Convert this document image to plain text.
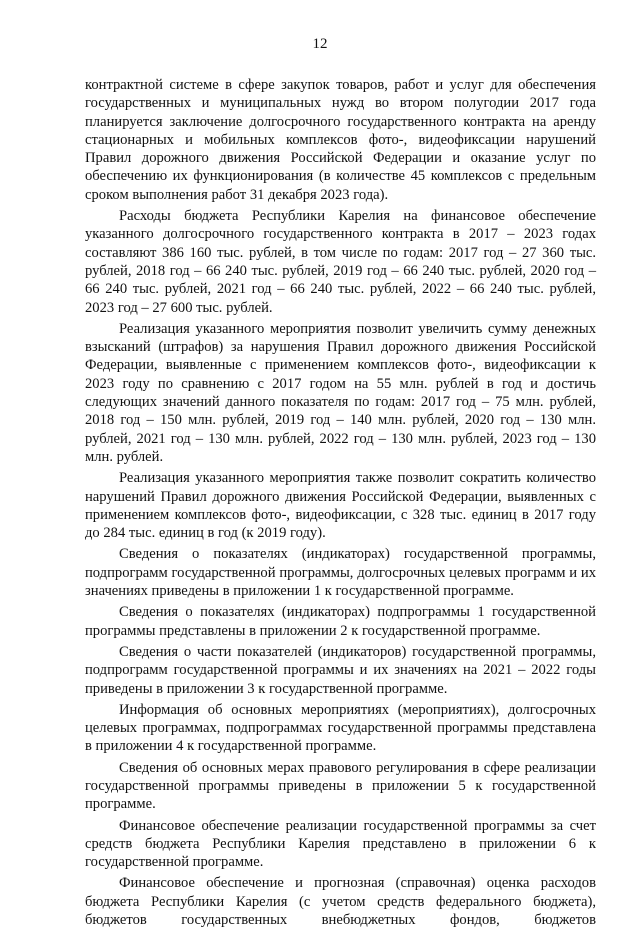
12

контрактной системе в сфере закупок товаров, работ и услуг для обеспечения государственных и муниципальных нужд во втором полугодии 2017 года планируется заключение долгосрочного государственного контракта на аренду стационарных и мобильных комплексов фото-, видеофиксации нарушений Правил дорожного движения Российской Федерации и оказание услуг по обеспечению их функционирования (в количестве 45 комплексов с предельным сроком выполнения работ 31 декабря 2023 года).

Расходы бюджета Республики Карелия на финансовое обеспечение указанного долгосрочного государственного контракта в 2017 – 2023 годах составляют 386 160 тыс. рублей, в том числе по годам: 2017 год – 27 360 тыс. рублей, 2018 год – 66 240 тыс. рублей, 2019 год – 66 240 тыс. рублей, 2020 год – 66 240 тыс. рублей, 2021 год – 66 240 тыс. рублей, 2022 – 66 240 тыс. рублей, 2023 год – 27 600 тыс. рублей.

Реализация указанного мероприятия позволит увеличить сумму денежных взысканий (штрафов) за нарушения Правил дорожного движения Российской Федерации, выявленные с применением комплексов фото-, видеофиксации к 2023 году по сравнению с 2017 годом на 55 млн. рублей в год и достичь следующих значений данного показателя по годам: 2017 год – 75 млн. рублей, 2018 год – 150 млн. рублей, 2019 год – 140 млн. рублей, 2020 год – 130 млн. рублей, 2021 год – 130 млн. рублей, 2022 год – 130 млн. рублей, 2023 год – 130 млн. рублей.

Реализация указанного мероприятия также позволит сократить количество нарушений Правил дорожного движения Российской Федерации, выявленных с применением комплексов фото-, видеофиксации, с 328 тыс. единиц в 2017 году до 284 тыс. единиц в год (к 2019 году).

Сведения о показателях (индикаторах) государственной программы, подпрограмм государственной программы, долгосрочных целевых программ и их значениях приведены в приложении 1 к государственной программе.

Сведения о показателях (индикаторах) подпрограммы 1 государственной программы представлены в приложении 2 к государственной программе.

Сведения о части показателей (индикаторов) государственной программы, подпрограмм государственной программы и их значениях на 2021 – 2022 годы приведены в приложении 3 к государственной программе.

Информация об основных мероприятиях (мероприятиях), долгосрочных целевых программах, подпрограммах государственной программы представлена в приложении 4 к государственной программе.

Сведения об основных мерах правового регулирования в сфере реализации государственной программы приведены в приложении 5 к государственной программе.

Финансовое обеспечение реализации государственной программы за счет средств бюджета Республики Карелия представлено в приложении 6 к государственной программе.

Финансовое обеспечение и прогнозная (справочная) оценка расходов бюджета Республики Карелия (с учетом средств федерального бюджета), бюджетов государственных внебюджетных фондов, бюджетов
